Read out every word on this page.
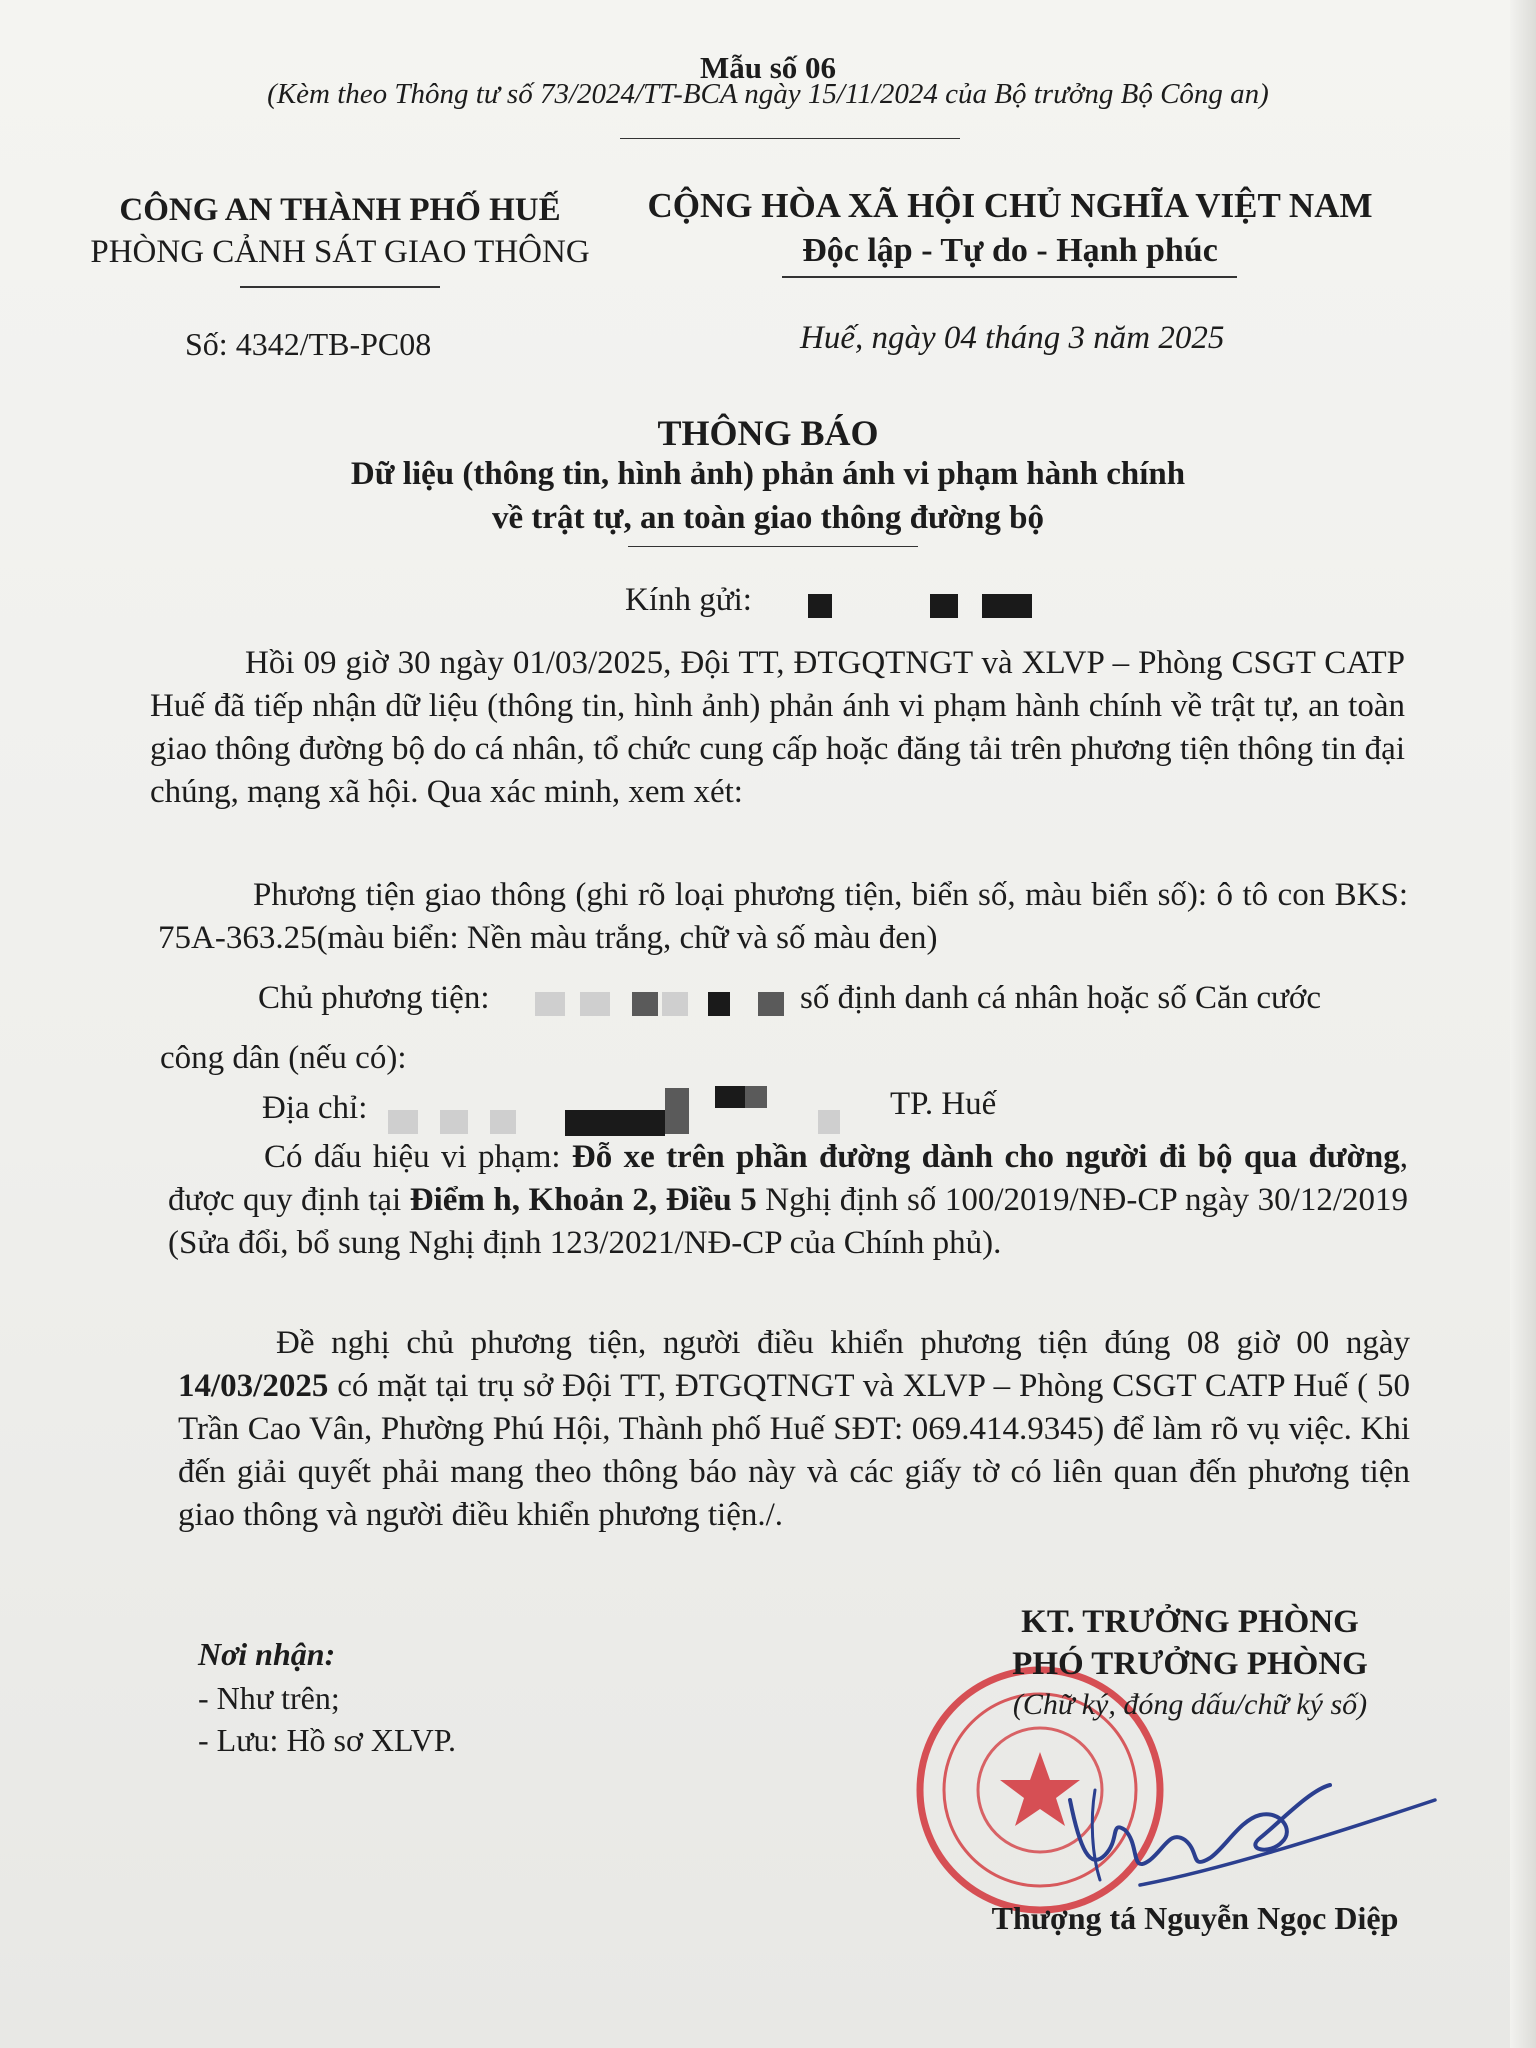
Mẫu số 06
(Kèm theo Thông tư số 73/2024/TT-BCA ngày 15/11/2024 của Bộ trưởng Bộ Công an)
CÔNG AN THÀNH PHỐ HUẾ
PHÒNG CẢNH SÁT GIAO THÔNG
CỘNG HÒA XÃ HỘI CHỦ NGHĨA VIỆT NAM
Độc lập - Tự do - Hạnh phúc
Số: 4342/TB-PC08	Huế, ngày 04 tháng 3 năm 2025
THÔNG BÁO
Dữ liệu (thông tin, hình ảnh) phản ánh vi phạm hành chính
về trật tự, an toàn giao thông đường bộ
Kính gửi:
Hồi 09 giờ 30 ngày 01/03/2025, Đội TT, ĐTGQTNGT và XLVP – Phòng CSGT CATP Huế đã tiếp nhận dữ liệu (thông tin, hình ảnh) phản ánh vi phạm hành chính về trật tự, an toàn giao thông đường bộ do cá nhân, tổ chức cung cấp hoặc đăng tải trên phương tiện thông tin đại chúng, mạng xã hội. Qua xác minh, xem xét:
Phương tiện giao thông (ghi rõ loại phương tiện, biển số, màu biển số): ô tô con BKS: 75A-363.25(màu biển: Nền màu trắng, chữ và số màu đen)
Chủ phương tiện:	số định danh cá nhân hoặc số Căn cước
công dân (nếu có):
Địa chỉ:	TP. Huế
Có dấu hiệu vi phạm: Đỗ xe trên phần đường dành cho người đi bộ qua đường, được quy định tại Điểm h, Khoản 2, Điều 5 Nghị định số 100/2019/NĐ-CP ngày 30/12/2019 (Sửa đổi, bổ sung Nghị định 123/2021/NĐ-CP của Chính phủ).
Đề nghị chủ phương tiện, người điều khiển phương tiện đúng 08 giờ 00 ngày 14/03/2025 có mặt tại trụ sở Đội TT, ĐTGQTNGT và XLVP – Phòng CSGT CATP Huế ( 50 Trần Cao Vân, Phường Phú Hội, Thành phố Huế SĐT: 069.414.9345) để làm rõ vụ việc. Khi đến giải quyết phải mang theo thông báo này và các giấy tờ có liên quan đến phương tiện giao thông và người điều khiển phương tiện./.
Nơi nhận:
- Như trên;
- Lưu: Hồ sơ XLVP.
KT. TRƯỞNG PHÒNG
PHÓ TRƯỞNG PHÒNG
(Chữ ký, đóng dấu/chữ ký số)
Thượng tá Nguyễn Ngọc Diệp
